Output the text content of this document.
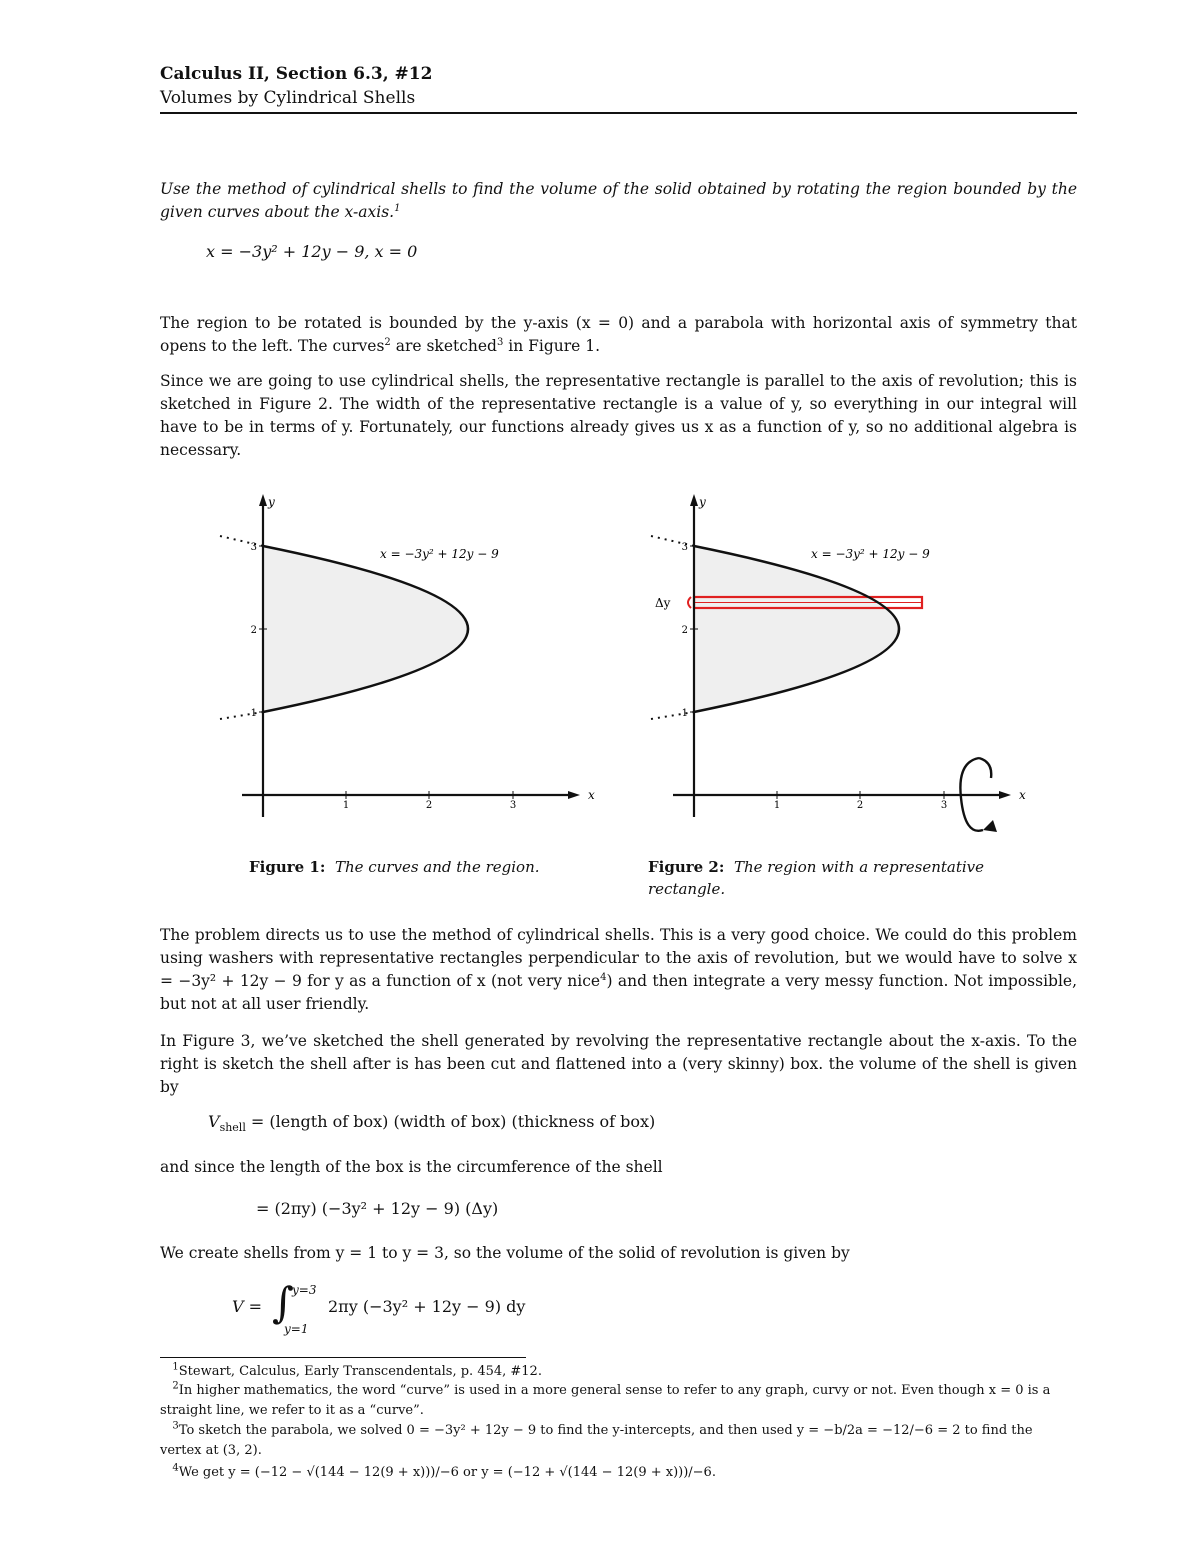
Calculus II, Section 6.3, #12
Volumes by Cylindrical Shells
Use the method of cylindrical shells to find the volume of the solid obtained by rotating the region bounded by the given curves about the x-axis.$^1$
x = −3y² + 12y − 9, x = 0
The region to be rotated is bounded by the y-axis (x = 0) and a parabola with horizontal axis of symmetry that opens to the left. The curves$^2$ are sketched$^3$ in Figure 1.
Since we are going to use cylindrical shells, the representative rectangle is parallel to the axis of revolution; this is sketched in Figure 2. The width of the representative rectangle is a value of y, so everything in our integral will have to be in terms of y. Fortunately, our functions already gives us x as a function of y, so no additional algebra is necessary.
1	2	3
3
2
1
x
y
x = −3y² + 12y − 9
1	2	3
3
2
1
x
y
x = −3y² + 12y − 9
Δy
Figure 1: The curves and the region.	Figure 2: The region with a representative rectangle.
The problem directs us to use the method of cylindrical shells. This is a very good choice. We could do this problem using washers with representative rectangles perpendicular to the axis of revolution, but we would have to solve x = −3y² + 12y − 9 for y as a function of x (not very nice$^4$) and then integrate a very messy function. Not impossible, but not at all user friendly.
In Figure 3, we’ve sketched the shell generated by revolving the representative rectangle about the x-axis. To the right is sketch the shell after is has been cut and flattened into a (very skinny) box. the volume of the shell is given by
$V_{shell}$ = (length of box) (width of box) (thickness of box)
and since the length of the box is the circumference of the shell
= (2πy) (−3y² + 12y − 9) (Δy)
We create shells from y = 1 to y = 3, so the volume of the solid of revolution is given by
V = ∫
y=3
y=1
2πy (−3y² + 12y − 9) dy
$^1$Stewart, Calculus, Early Transcendentals, p. 454, #12.
$^2$In higher mathematics, the word “curve” is used in a more general sense to refer to any graph, curvy or not. Even though x = 0 is a straight line, we refer to it as a “curve”.
$^3$To sketch the parabola, we solved 0 = −3y² + 12y − 9 to find the y-intercepts, and then used y = −b/2a = −12/−6 = 2 to find the vertex at (3, 2).
$^4$We get y = (−12 − √(144 − 12(9 + x)))/−6 or y = (−12 + √(144 − 12(9 + x)))/−6.
